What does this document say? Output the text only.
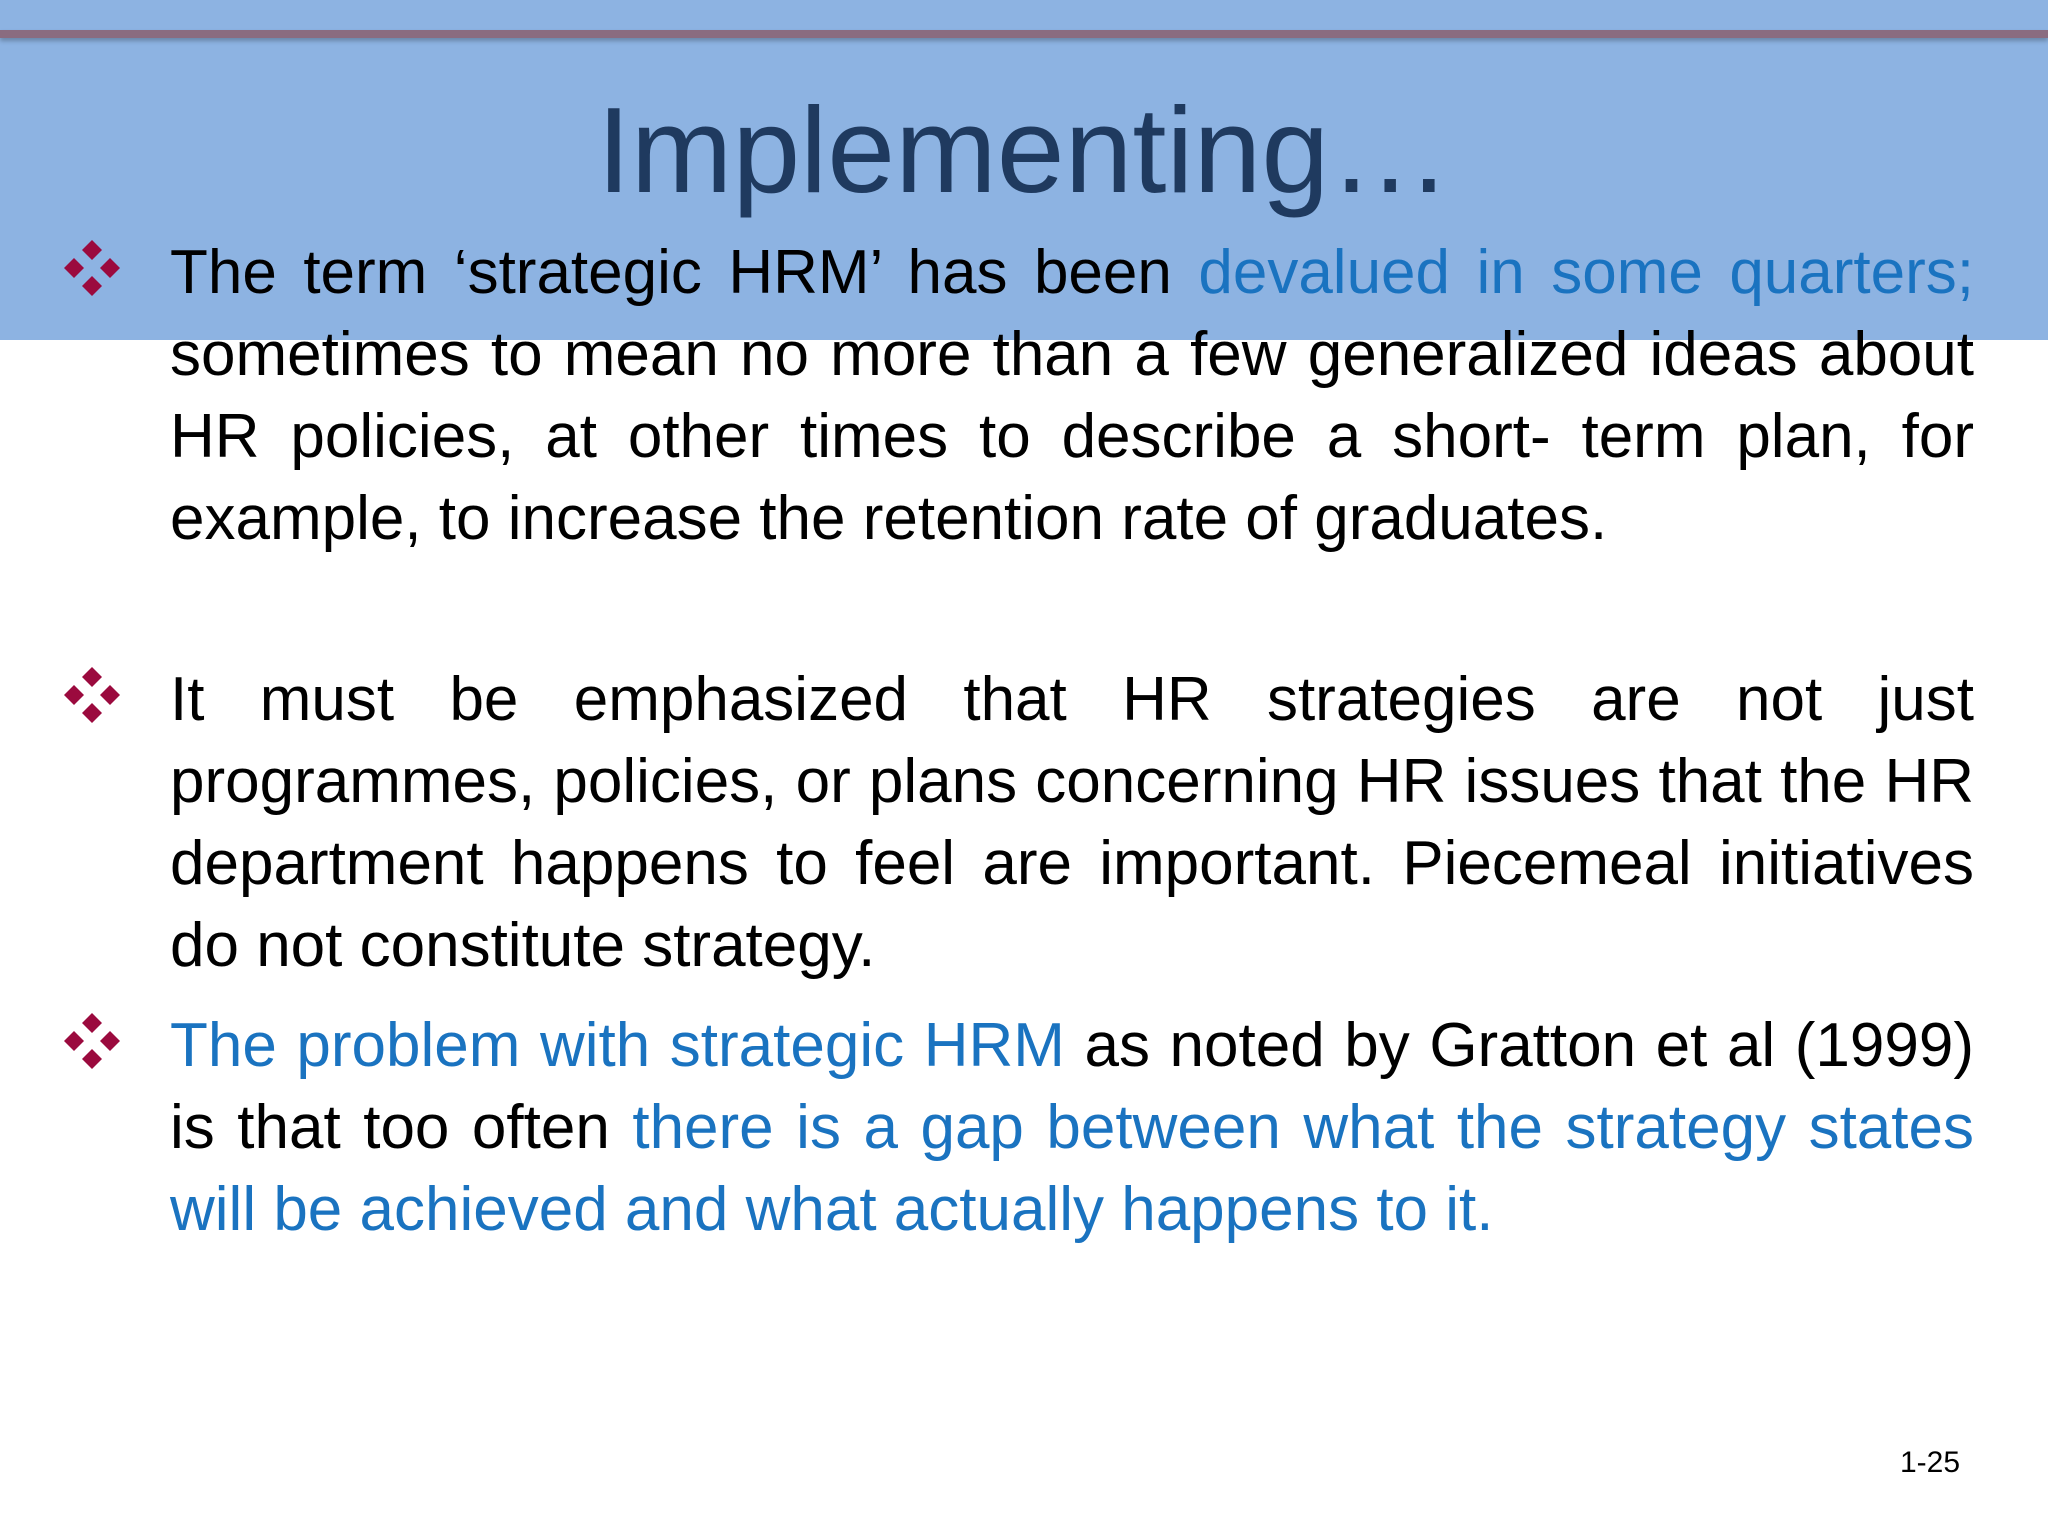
Implementing…

The term ‘strategic HRM’ has been devalued in some quarters; sometimes to mean no more than a few generalized ideas about HR policies, at other times to describe a short- term plan, for example, to increase the retention rate of graduates.

It must be emphasized that HR strategies are not just programmes, policies, or plans concerning HR issues that the HR department happens to feel are important. Piecemeal initiatives do not constitute strategy.

The problem with strategic HRM as noted by Gratton et al (1999) is that too often there is a gap between what the strategy states will be achieved and what actually happens to it.

1-25
